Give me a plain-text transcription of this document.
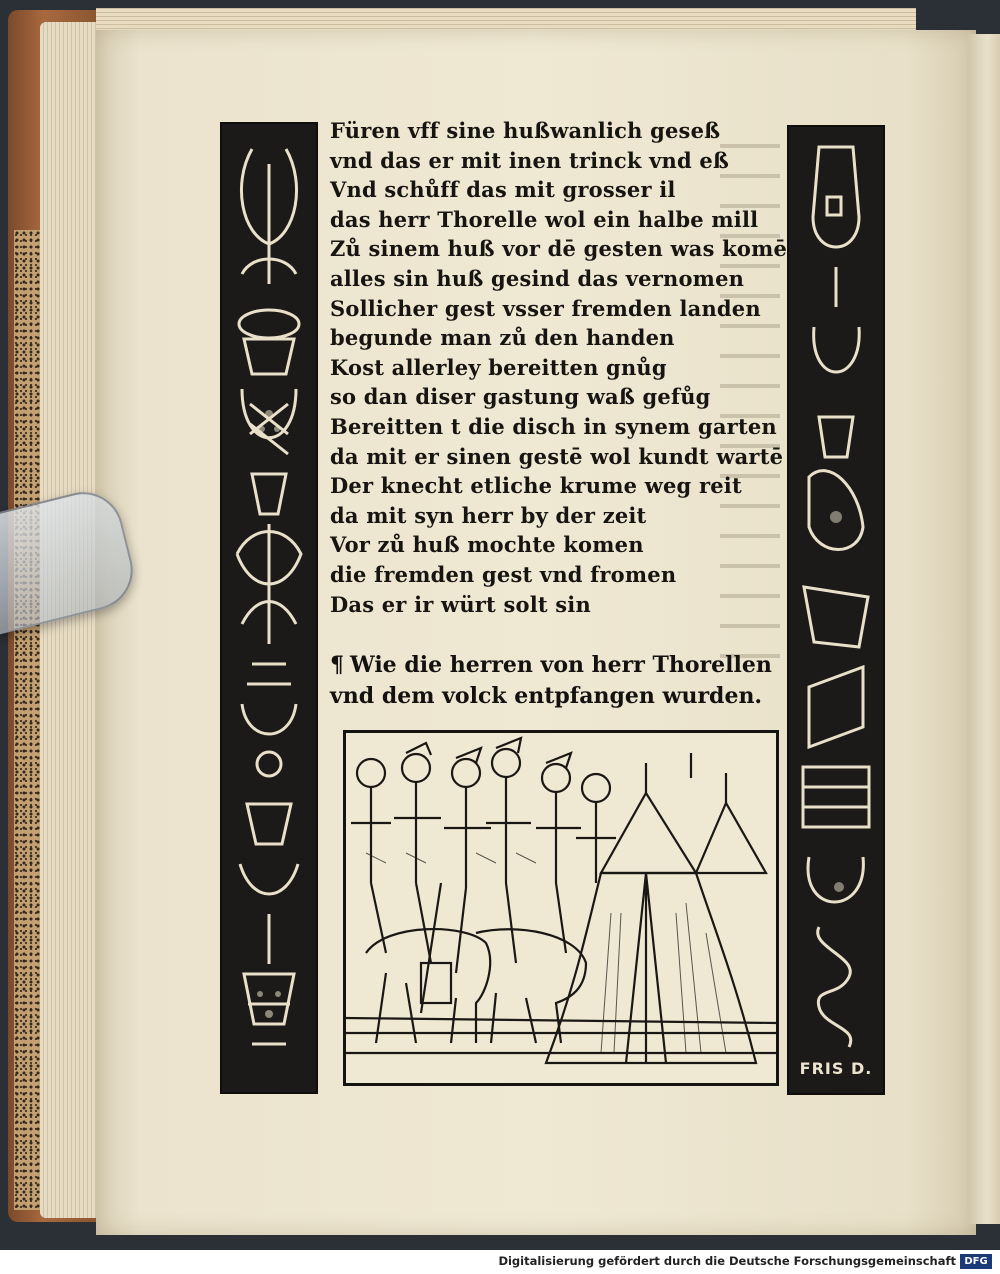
FRIS D.
Füren vff sine hußwanlich geseß
vnd das er mit inen trinck vnd eß
Vnd schůff das mit grosser il
das herr Thorelle wol ein halbe mill
Zů sinem huß vor dē gesten was komē
alles sin huß gesind das vernomen
Sollicher gest vsser fremden landen
begunde man zů den handen
Kost allerley bereitten gnůg
so dan diser gastung waß gefůg
Bereitten t die disch in synem garten
da mit er sinen gestē wol kundt wartē
Der knecht etliche krume weg reit
da mit syn herr by der zeit
Vor zů huß mochte komen
die fremden gest vnd fromen
Das er ir würt solt sin
¶ Wie die herren von herr Thorellen
vnd dem volck entpfangen wurden.
Digitalisierung gefördert durch die Deutsche Forschungsgemeinschaft DFG
